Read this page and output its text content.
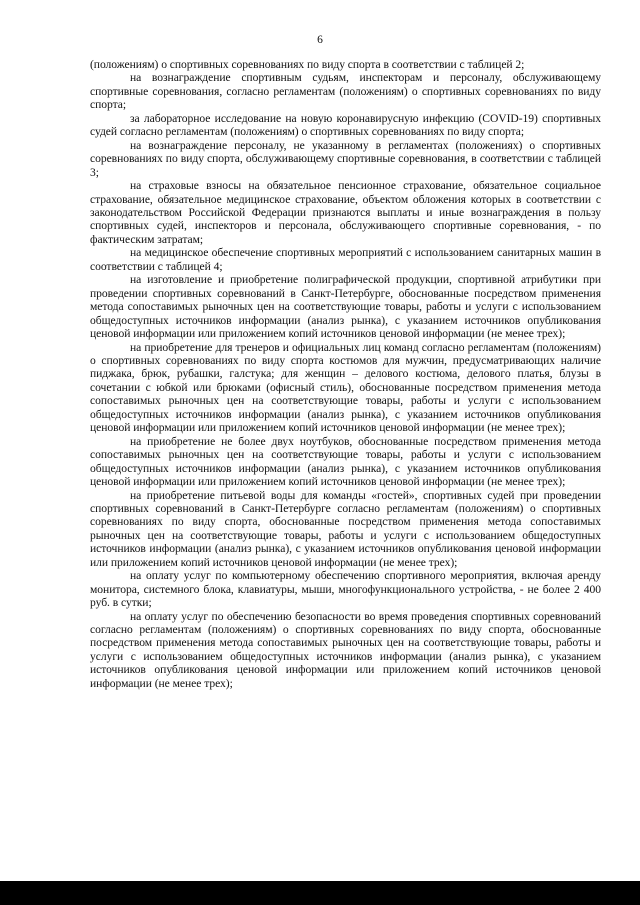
6

(положениям) о спортивных соревнованиях по виду спорта в соответствии с таблицей 2;

на вознаграждение спортивным судьям, инспекторам и персоналу, обслуживающему спортивные соревнования, согласно регламентам (положениям) о спортивных соревнованиях по виду спорта;

за лабораторное исследование на новую коронавирусную инфекцию (COVID-19) спортивных судей согласно регламентам (положениям) о спортивных соревнованиях по виду спорта;

на вознаграждение персоналу, не указанному в регламентах (положениях) о спортивных соревнованиях по виду спорта, обслуживающему спортивные соревнования, в соответствии с таблицей 3;

на страховые взносы на обязательное пенсионное страхование, обязательное социальное страхование, обязательное медицинское страхование, объектом обложения которых в соответствии с законодательством Российской Федерации признаются выплаты и иные вознаграждения в пользу спортивных судей, инспекторов и персонала, обслуживающего спортивные соревнования, - по фактическим затратам;

на медицинское обеспечение спортивных мероприятий с использованием санитарных машин в соответствии с таблицей 4;

на изготовление и приобретение полиграфической продукции, спортивной атрибутики при проведении спортивных соревнований в Санкт-Петербурге, обоснованные посредством применения метода сопоставимых рыночных цен на соответствующие товары, работы и услуги с использованием общедоступных источников информации (анализ рынка), с указанием источников опубликования ценовой информации или приложением копий источников ценовой информации (не менее трех);

на приобретение для тренеров и официальных лиц команд согласно регламентам (положениям) о спортивных соревнованиях по виду спорта костюмов для мужчин, предусматривающих наличие пиджака, брюк, рубашки, галстука; для женщин – делового костюма, делового платья, блузы в сочетании с юбкой или брюками (офисный стиль), обоснованные посредством применения метода сопоставимых рыночных цен на соответствующие товары, работы и услуги с использованием общедоступных источников информации (анализ рынка), с указанием источников опубликования ценовой информации или приложением копий источников ценовой информации (не менее трех);

на приобретение не более двух ноутбуков, обоснованные посредством применения метода сопоставимых рыночных цен на соответствующие товары, работы и услуги с использованием общедоступных источников информации (анализ рынка), с указанием источников опубликования ценовой информации или приложением копий источников ценовой информации (не менее трех);

на приобретение питьевой воды для команды «гостей», спортивных судей при проведении спортивных соревнований в Санкт-Петербурге согласно регламентам (положениям) о спортивных соревнованиях по виду спорта, обоснованные посредством применения метода сопоставимых рыночных цен на соответствующие товары, работы и услуги с использованием общедоступных источников информации (анализ рынка), с указанием источников опубликования ценовой информации или приложением копий источников ценовой информации (не менее трех);

на оплату услуг по компьютерному обеспечению спортивного мероприятия, включая аренду монитора, системного блока, клавиатуры, мыши, многофункционального устройства, - не более 2 400 руб. в сутки;

на оплату услуг по обеспечению безопасности во время проведения спортивных соревнований согласно регламентам (положениям) о спортивных соревнованиях по виду спорта, обоснованные посредством применения метода сопоставимых рыночных цен на соответствующие товары, работы и услуги с использованием общедоступных источников информации (анализ рынка), с указанием источников опубликования ценовой информации или приложением копий источников ценовой информации (не менее трех);
